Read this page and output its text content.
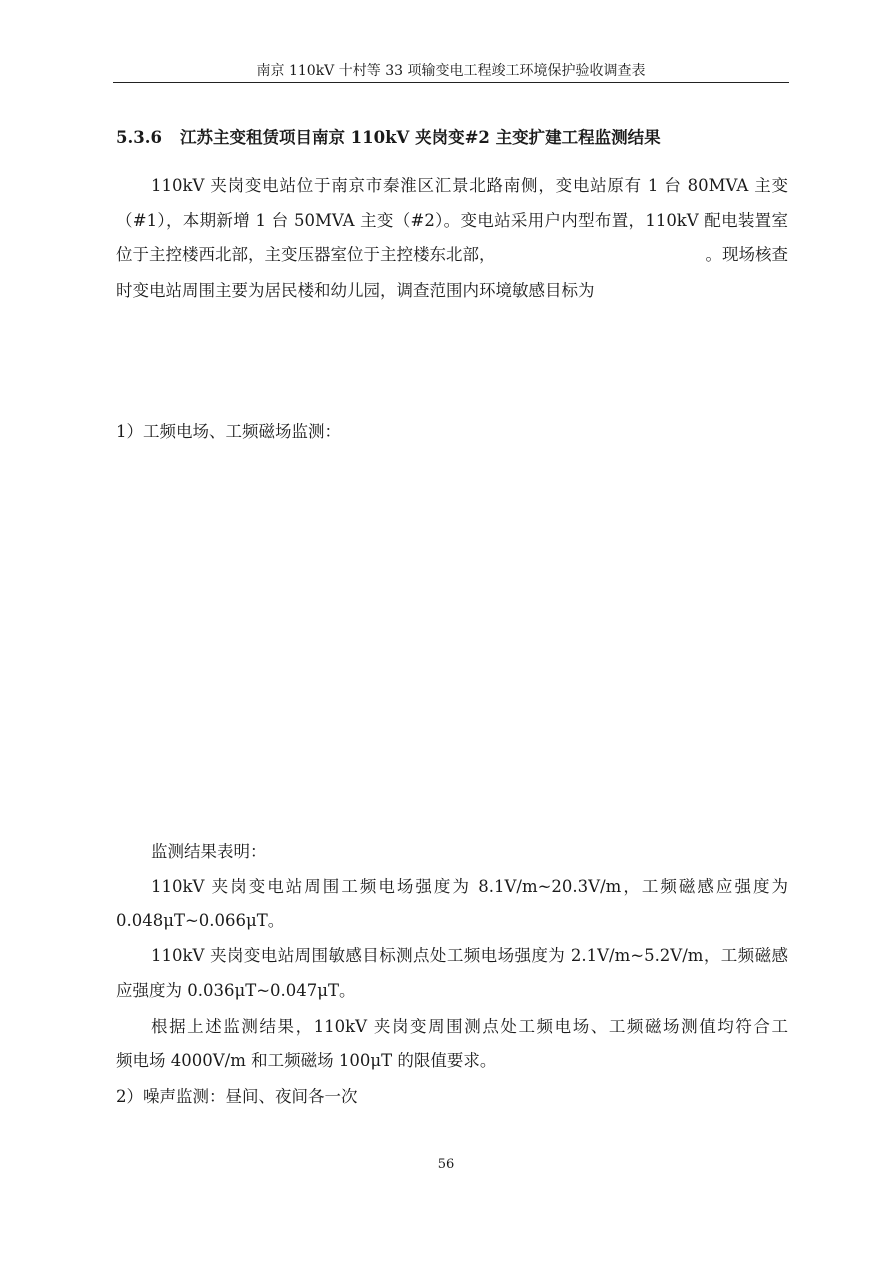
南京 110kV 十村等 33 项输变电工程竣工环境保护验收调查表
5.3.6 江苏主变租赁项目南京 110kV 夹岗变#2 主变扩建工程监测结果
110kV 夹岗变电站位于南京市秦淮区汇景北路南侧，变电站原有 1 台 80MVA 主变
（#1），本期新增 1 台 50MVA 主变（#2）。变电站采用户内型布置，110kV 配电装置室
位于主控楼西北部，主变压器室位于主控楼东北部，	。现场核查
时变电站周围主要为居民楼和幼儿园，调查范围内环境敏感目标为
1）工频电场、工频磁场监测：
监测结果表明：
110kV 夹岗变电站周围工频电场强度为 8.1V/m~20.3V/m，工频磁感应强度为
0.048μT~0.066μT。
110kV 夹岗变电站周围敏感目标测点处工频电场强度为 2.1V/m~5.2V/m，工频磁感
应强度为 0.036μT~0.047μT。
根据上述监测结果，110kV 夹岗变周围测点处工频电场、工频磁场测值均符合工
频电场 4000V/m 和工频磁场 100μT 的限值要求。
2）噪声监测：昼间、夜间各一次
56
